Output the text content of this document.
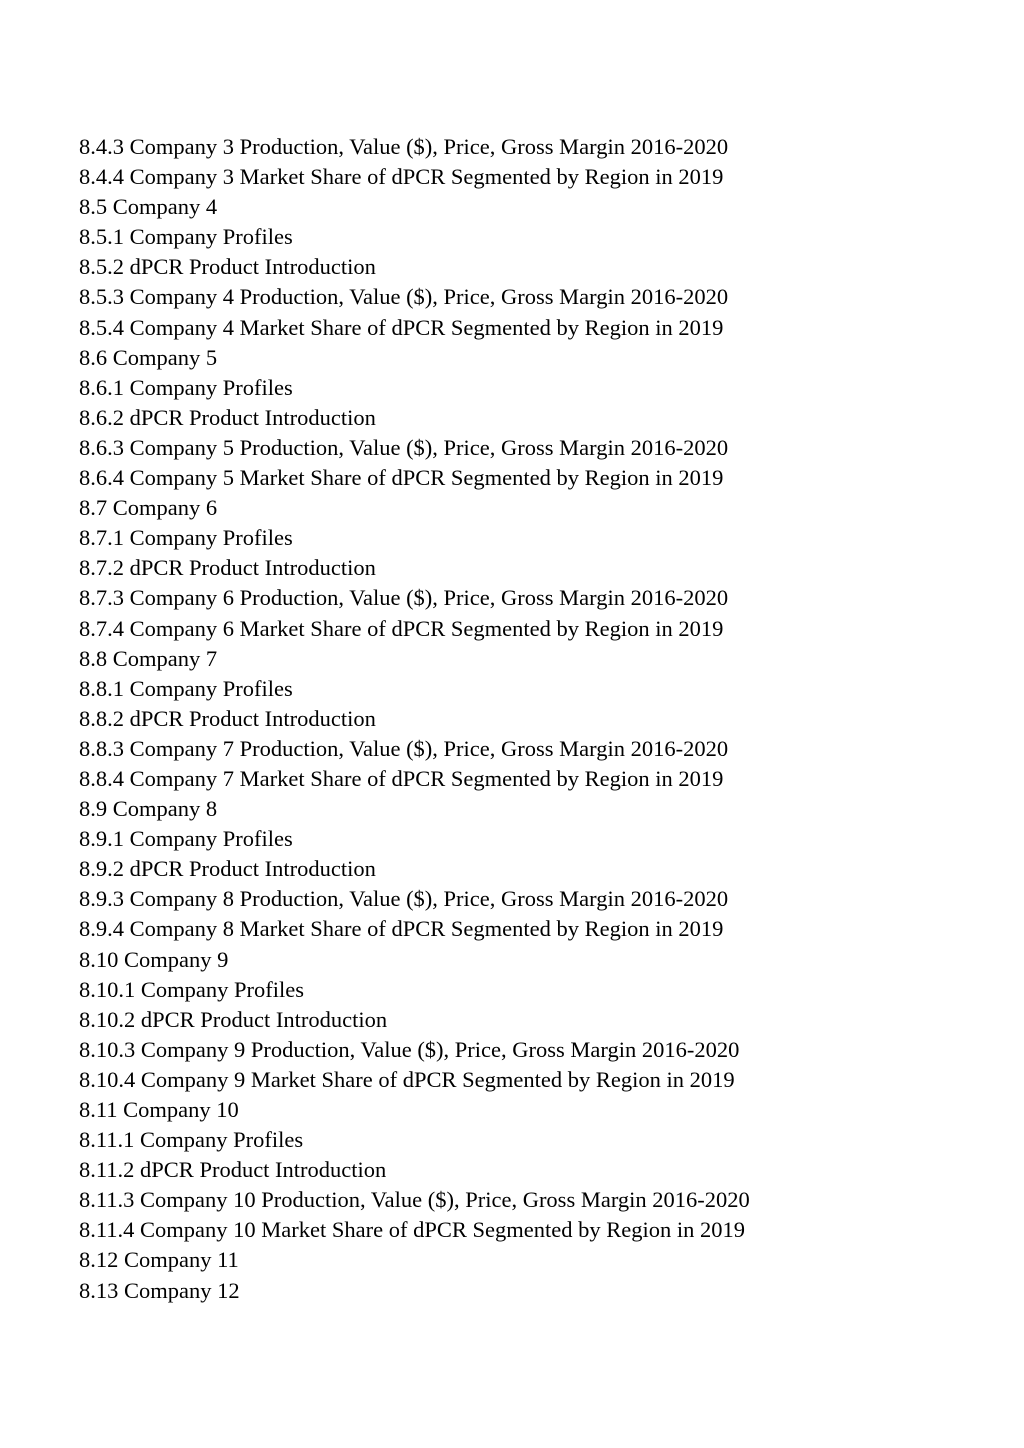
8.4.3 Company 3 Production, Value ($), Price, Gross Margin 2016-2020
8.4.4 Company 3 Market Share of dPCR Segmented by Region in 2019
8.5 Company 4
8.5.1 Company Profiles
8.5.2 dPCR Product Introduction
8.5.3 Company 4 Production, Value ($), Price, Gross Margin 2016-2020
8.5.4 Company 4 Market Share of dPCR Segmented by Region in 2019
8.6 Company 5
8.6.1 Company Profiles
8.6.2 dPCR Product Introduction
8.6.3 Company 5 Production, Value ($), Price, Gross Margin 2016-2020
8.6.4 Company 5 Market Share of dPCR Segmented by Region in 2019
8.7 Company 6
8.7.1 Company Profiles
8.7.2 dPCR Product Introduction
8.7.3 Company 6 Production, Value ($), Price, Gross Margin 2016-2020
8.7.4 Company 6 Market Share of dPCR Segmented by Region in 2019
8.8 Company 7
8.8.1 Company Profiles
8.8.2 dPCR Product Introduction
8.8.3 Company 7 Production, Value ($), Price, Gross Margin 2016-2020
8.8.4 Company 7 Market Share of dPCR Segmented by Region in 2019
8.9 Company 8
8.9.1 Company Profiles
8.9.2 dPCR Product Introduction
8.9.3 Company 8 Production, Value ($), Price, Gross Margin 2016-2020
8.9.4 Company 8 Market Share of dPCR Segmented by Region in 2019
8.10 Company 9
8.10.1 Company Profiles
8.10.2 dPCR Product Introduction
8.10.3 Company 9 Production, Value ($), Price, Gross Margin 2016-2020
8.10.4 Company 9 Market Share of dPCR Segmented by Region in 2019
8.11 Company 10
8.11.1 Company Profiles
8.11.2 dPCR Product Introduction
8.11.3 Company 10 Production, Value ($), Price, Gross Margin 2016-2020
8.11.4 Company 10 Market Share of dPCR Segmented by Region in 2019
8.12 Company 11
8.13 Company 12
